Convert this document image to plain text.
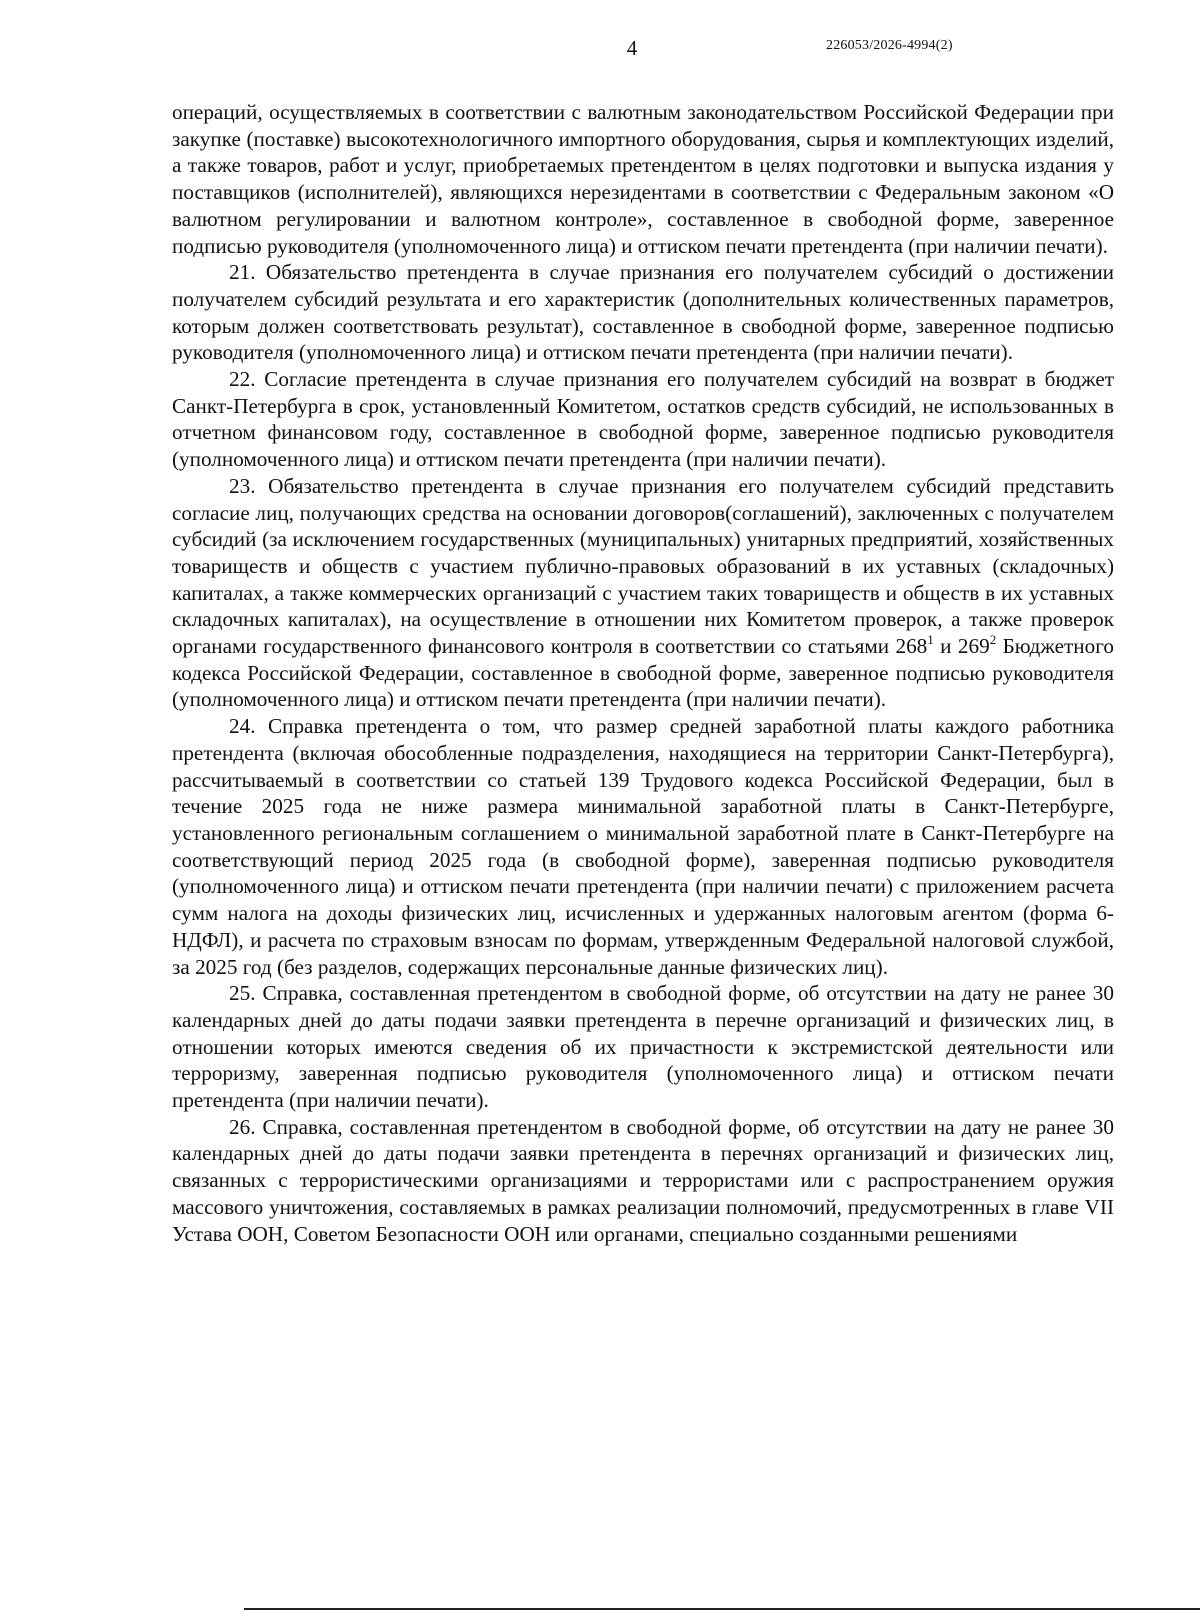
4	226053/2026-4994(2)

операций, осуществляемых в соответствии с валютным законодательством Российской Федерации при закупке (поставке) высокотехнологичного импортного оборудования, сырья и комплектующих изделий, а также товаров, работ и услуг, приобретаемых претендентом в целях подготовки и выпуска издания у поставщиков (исполнителей), являющихся нерезидентами в соответствии с Федеральным законом «О валютном регулировании и валютном контроле», составленное в свободной форме, заверенное подписью руководителя (уполномоченного лица) и оттиском печати претендента (при наличии печати).

21. Обязательство претендента в случае признания его получателем субсидий о достижении получателем субсидий результата и его характеристик (дополнительных количественных параметров, которым должен соответствовать результат), составленное в свободной форме, заверенное подписью руководителя (уполномоченного лица) и оттиском печати претендента (при наличии печати).

22. Согласие претендента в случае признания его получателем субсидий на возврат в бюджет Санкт-Петербурга в срок, установленный Комитетом, остатков средств субсидий, не использованных в отчетном финансовом году, составленное в свободной форме, заверенное подписью руководителя (уполномоченного лица) и оттиском печати претендента (при наличии печати).

23. Обязательство претендента в случае признания его получателем субсидий представить согласие лиц, получающих средства на основании договоров(соглашений), заключенных с получателем субсидий (за исключением государственных (муниципальных) унитарных предприятий, хозяйственных товариществ и обществ с участием публично-правовых образований в их уставных (складочных) капиталах, а также коммерческих организаций с участием таких товариществ и обществ в их уставных складочных капиталах), на осуществление в отношении них Комитетом проверок, а также проверок органами государственного финансового контроля в соответствии со статьями $268^1$ и $269^2$ Бюджетного кодекса Российской Федерации, составленное в свободной форме, заверенное подписью руководителя (уполномоченного лица) и оттиском печати претендента (при наличии печати).

24. Справка претендента о том, что размер средней заработной платы каждого работника претендента (включая обособленные подразделения, находящиеся на территории Санкт-Петербурга), рассчитываемый в соответствии со статьей 139 Трудового кодекса Российской Федерации, был в течение 2025 года не ниже размера минимальной заработной платы в Санкт-Петербурге, установленного региональным соглашением о минимальной заработной плате в Санкт-Петербурге на соответствующий период 2025 года (в свободной форме), заверенная подписью руководителя (уполномоченного лица) и оттиском печати претендента (при наличии печати) с приложением расчета сумм налога на доходы физических лиц, исчисленных и удержанных налоговым агентом (форма 6-НДФЛ), и расчета по страховым взносам по формам, утвержденным Федеральной налоговой службой, за 2025 год (без разделов, содержащих персональные данные физических лиц).

25. Справка, составленная претендентом в свободной форме, об отсутствии на дату не ранее 30 календарных дней до даты подачи заявки претендента в перечне организаций и физических лиц, в отношении которых имеются сведения об их причастности к экстремистской деятельности или терроризму, заверенная подписью руководителя (уполномоченного лица) и оттиском печати претендента (при наличии печати).

26. Справка, составленная претендентом в свободной форме, об отсутствии на дату не ранее 30 календарных дней до даты подачи заявки претендента в перечнях организаций и физических лиц, связанных с террористическими организациями и террористами или с распространением оружия массового уничтожения, составляемых в рамках реализации полномочий, предусмотренных в главе VII Устава ООН, Советом Безопасности ООН или органами, специально созданными решениями
